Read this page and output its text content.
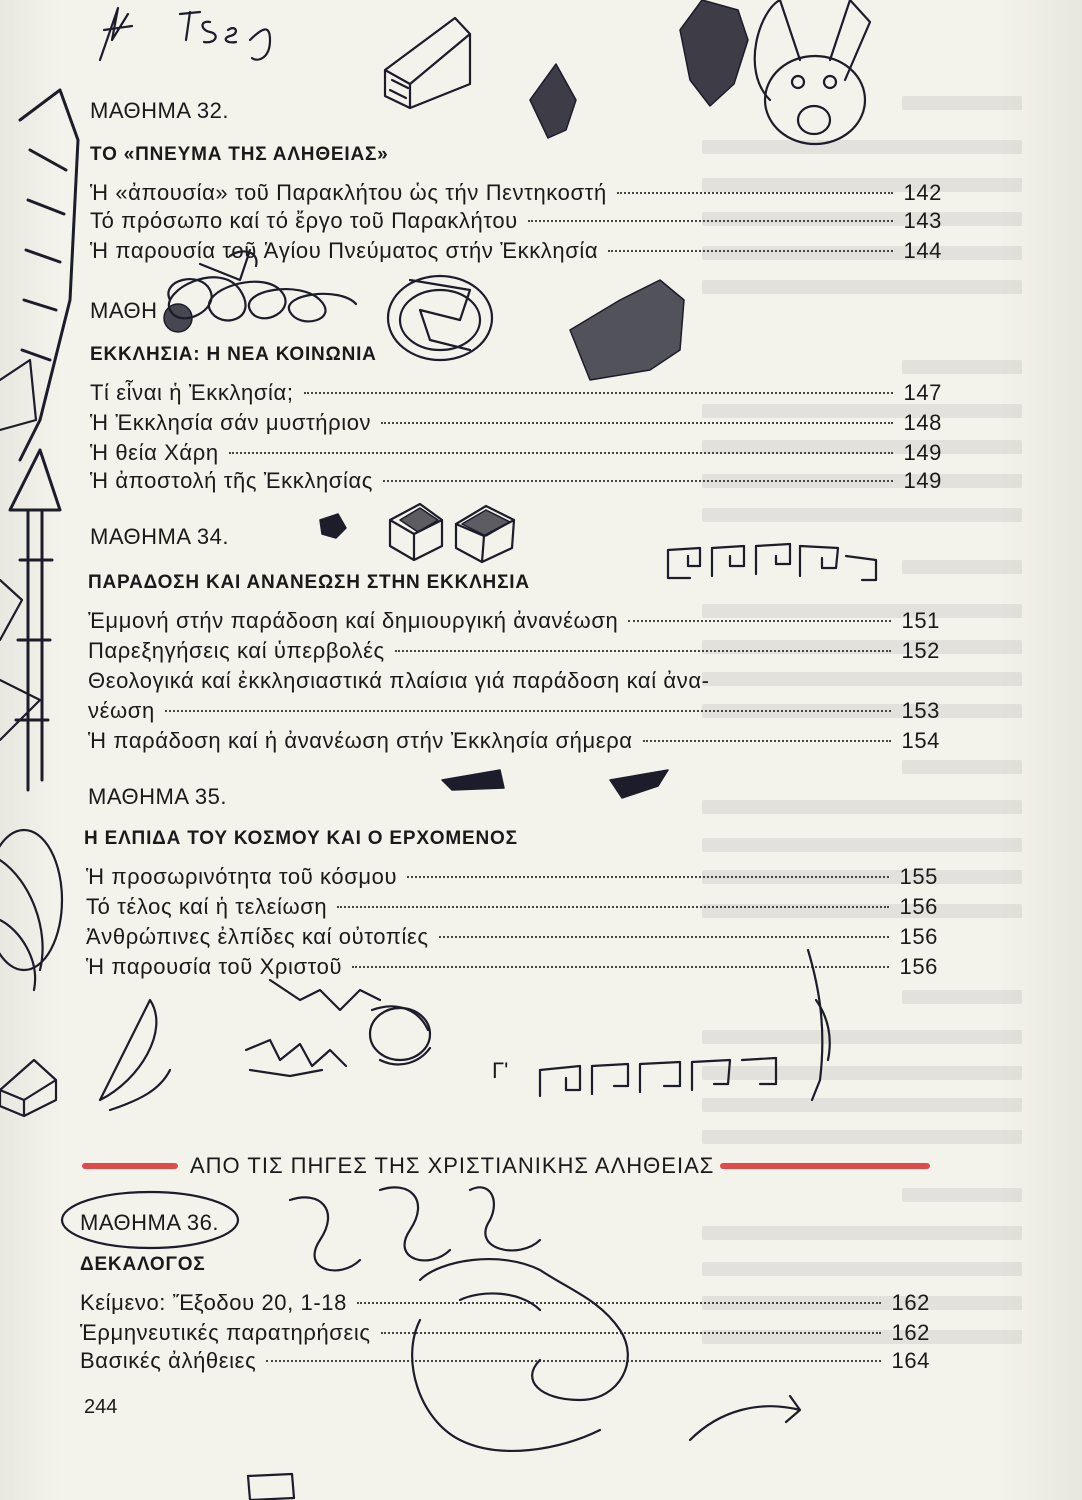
ΜΑΘΗΜΑ 32.
ΤΟ «ΠΝΕΥΜΑ ΤΗΣ ΑΛΗΘΕΙΑΣ»
Ἡ «ἀπουσία» τοῦ Παρακλήτου ὡς τήν Πεντηκοστή	142
Τό πρόσωπο καί τό ἔργο τοῦ Παρακλήτου	143
Ἡ παρουσία τοῦ Ἁγίου Πνεύματος στήν Ἐκκλησία	144
ΜΑΘΗ
ΕΚΚΛΗΣΙΑ: Η ΝΕΑ ΚΟΙΝΩΝΙΑ
Τί εἶναι ἡ Ἐκκλησία;	147
Ἡ Ἐκκλησία σάν μυστήριον	148
Ἡ θεία Χάρη	149
Ἡ ἀποστολή τῆς Ἐκκλησίας	149
ΜΑΘΗΜΑ 34.
ΠΑΡΑΔΟΣΗ ΚΑΙ ΑΝΑΝΕΩΣΗ ΣΤΗΝ ΕΚΚΛΗΣΙΑ
Ἐμμονή στήν παράδοση καί δημιουργική ἀνανέωση	151
Παρεξηγήσεις καί ὑπερβολές	152
Θεολογικά καί ἐκκλησιαστικά πλαίσια γιά παράδοση καί ἀνα-
νέωση	153
Ἡ παράδοση καί ἡ ἀνανέωση στήν Ἐκκλησία σήμερα	154
ΜΑΘΗΜΑ 35.
Η ΕΛΠΙΔΑ ΤΟΥ ΚΟΣΜΟΥ ΚΑΙ Ο ΕΡΧΟΜΕΝΟΣ
Ἡ προσωρινότητα τοῦ κόσμου	155
Τό τέλος καί ἡ τελείωση	156
Ἀνθρώπινες ἐλπίδες καί οὐτοπίες	156
Ἡ παρουσία τοῦ Χριστοῦ	156
Γ'
ΑΠΟ ΤΙΣ ΠΗΓΕΣ ΤΗΣ ΧΡΙΣΤΙΑΝΙΚΗΣ ΑΛΗΘΕΙΑΣ
ΜΑΘΗΜΑ 36.
ΔΕΚΑΛΟΓΟΣ
Κείμενο: Ἔξοδου 20, 1-18	162
Ἑρμηνευτικές παρατηρήσεις	162
Βασικές ἀλήθειες	164
244
